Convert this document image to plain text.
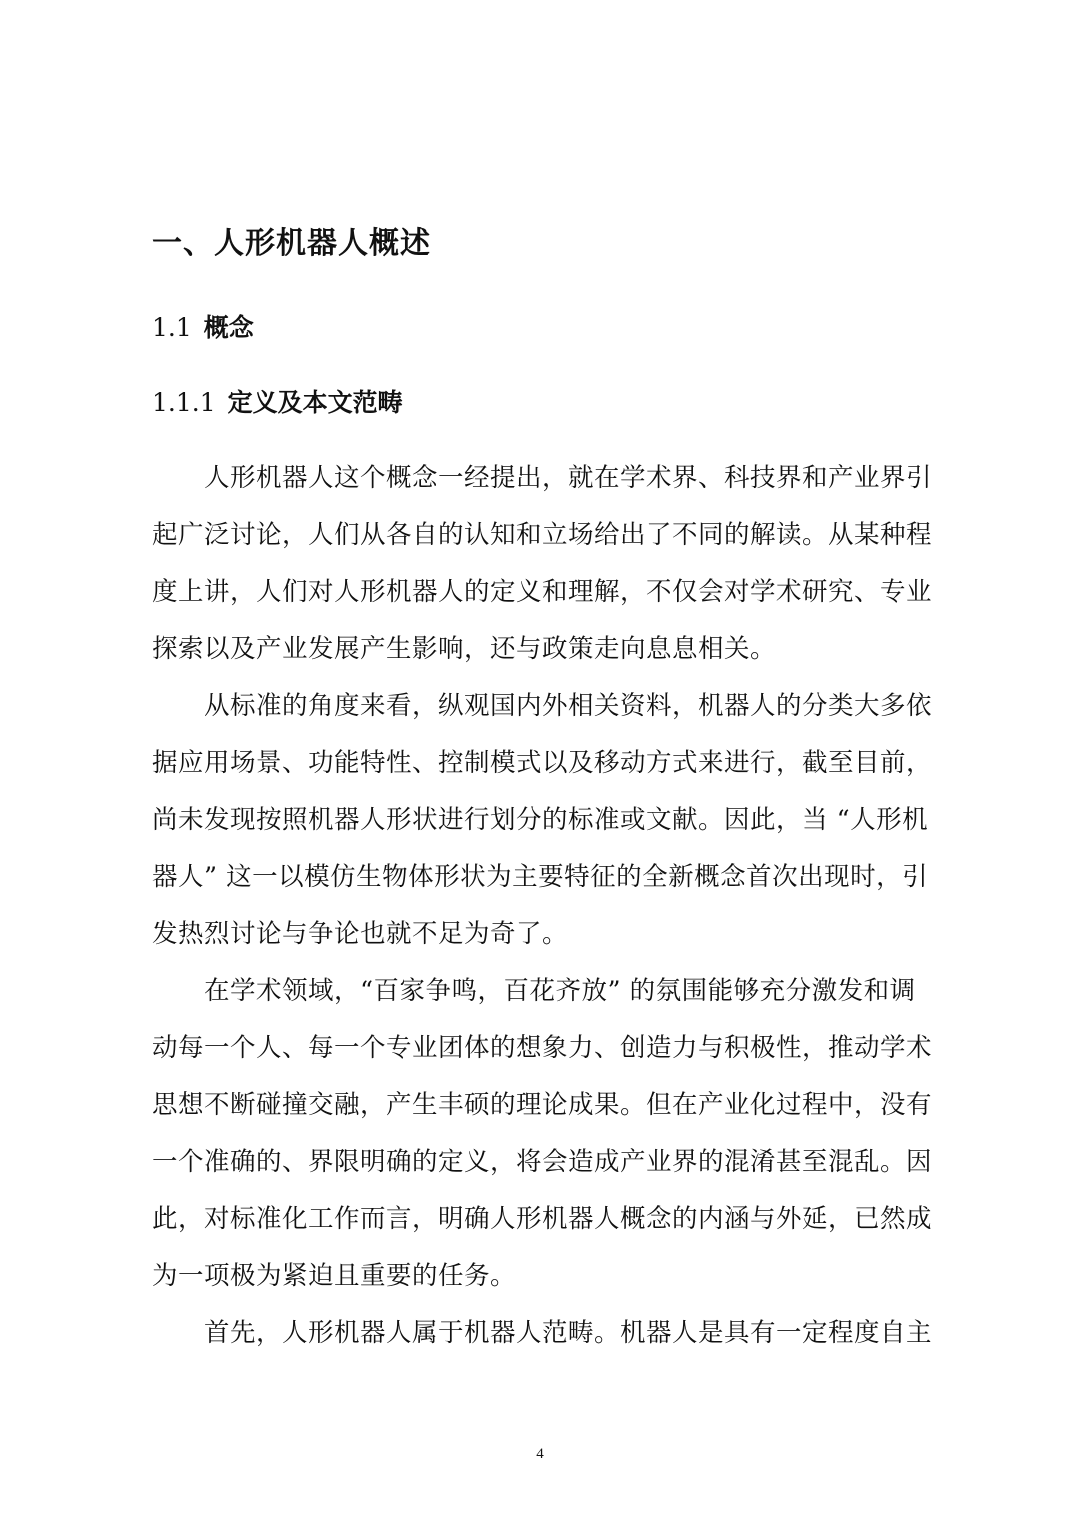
一、人形机器人概述
1.1 概念
1.1.1 定义及本文范畴
人形机器人这个概念一经提出，就在学术界、科技界和产业界引
起广泛讨论，人们从各自的认知和立场给出了不同的解读。从某种程
度上讲，人们对人形机器人的定义和理解，不仅会对学术研究、专业
探索以及产业发展产生影响，还与政策走向息息相关。
从标准的角度来看，纵观国内外相关资料，机器人的分类大多依
据应用场景、功能特性、控制模式以及移动方式来进行，截至目前，
尚未发现按照机器人形状进行划分的标准或文献。因此，当 “人形机
器人” 这一以模仿生物体形状为主要特征的全新概念首次出现时，引
发热烈讨论与争论也就不足为奇了。
在学术领域，“百家争鸣，百花齐放” 的氛围能够充分激发和调
动每一个人、每一个专业团体的想象力、创造力与积极性，推动学术
思想不断碰撞交融，产生丰硕的理论成果。但在产业化过程中，没有
一个准确的、界限明确的定义，将会造成产业界的混淆甚至混乱。因
此，对标准化工作而言，明确人形机器人概念的内涵与外延，已然成
为一项极为紧迫且重要的任务。
首先，人形机器人属于机器人范畴。机器人是具有一定程度自主
4
